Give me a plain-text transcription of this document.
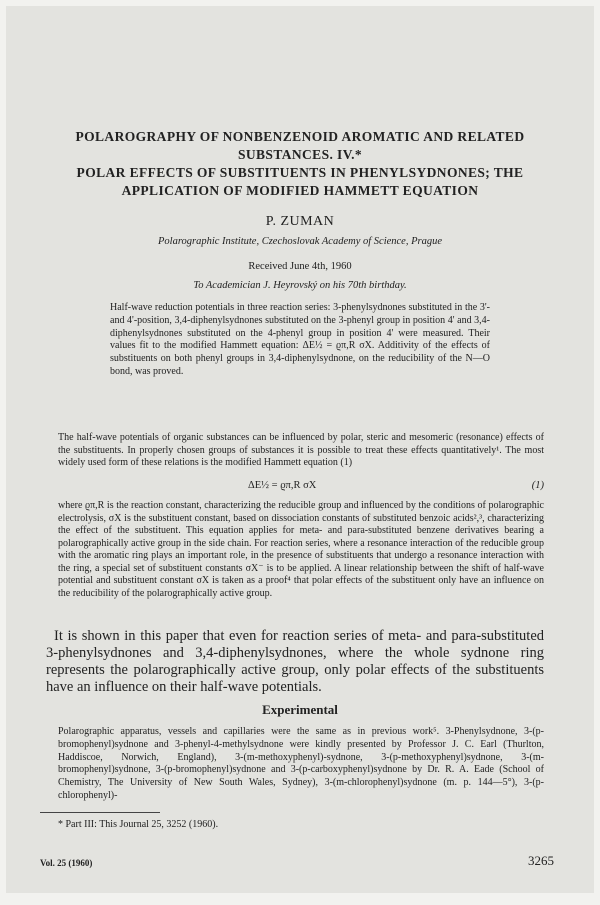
POLAROGRAPHY OF NONBENZENOID AROMATIC AND RELATED SUBSTANCES. IV.*
POLAR EFFECTS OF SUBSTITUENTS IN PHENYLSYDNONES; THE APPLICATION OF MODIFIED HAMMETT EQUATION
P. ZUMAN
Polarographic Institute, Czechoslovak Academy of Science, Prague
Received June 4th, 1960
To Academician J. Heyrovský on his 70th birthday.
Half-wave reduction potentials in three reaction series: 3-phenylsydnones substituted in the 3'- and 4'-position, 3,4-diphenylsydnones substituted on the 3-phenyl group in position 4' and 3,4-diphenylsydnones substituted on the 4-phenyl group in position 4' were measured. Their values fit to the modified Hammett equation: ΔE½ = ϱπ,R σX. Additivity of the effects of substituents on both phenyl groups in 3,4-diphenylsydnone, on the reducibility of the N—O bond, was proved.
The half-wave potentials of organic substances can be influenced by polar, steric and mesomeric (resonance) effects of the substituents. In properly chosen groups of substances it is possible to treat these effects quantitatively¹. The most widely used form of these relations is the modified Hammett equation (1)
ΔE½ = ϱπ,R σX	(1)
where ϱπ,R is the reaction constant, characterizing the reducible group and influenced by the conditions of polarographic electrolysis, σX is the substituent constant, based on dissociation constants of substituted benzoic acids²,³, characterizing the effect of the substituent. This equation applies for meta- and para-substituted benzene derivatives bearing a polarographically active group in the side chain. For reaction series, where a resonance interaction of the reducible group with the aromatic ring plays an important role, in the presence of substituents that undergo a resonance interaction with the ring, a special set of substituent constants σX⁻ is to be applied. A linear relationship between the shift of half-wave potential and substituent constant σX is taken as a proof⁴ that polar effects of the substituent only have an influence on the reducibility of the polarographically active group.
It is shown in this paper that even for reaction series of meta- and para-substituted 3-phenylsydnones and 3,4-diphenylsydnones, where the whole sydnone ring represents the polarographically active group, only polar effects of the substituents have an influence on their half-wave potentials.
Experimental
Polarographic apparatus, vessels and capillaries were the same as in previous work⁵. 3-Phenylsydnone, 3-(p-bromophenyl)sydnone and 3-phenyl-4-methylsydnone were kindly presented by Professor J. C. Earl (Thurlton, Haddiscoe, Norwich, England), 3-(m-methoxyphenyl)-sydnone, 3-(p-methoxyphenyl)sydnone, 3-(m-bromophenyl)sydnone, 3-(p-bromophenyl)sydnone and 3-(p-carboxyphenyl)sydnone by Dr. R. A. Eade (School of Chemistry, The University of New South Wales, Sydney), 3-(m-chlorophenyl)sydnone (m. p. 144—5°), 3-(p-chlorophenyl)-
* Part III: This Journal 25, 3252 (1960).
Vol. 25 (1960)	3265
